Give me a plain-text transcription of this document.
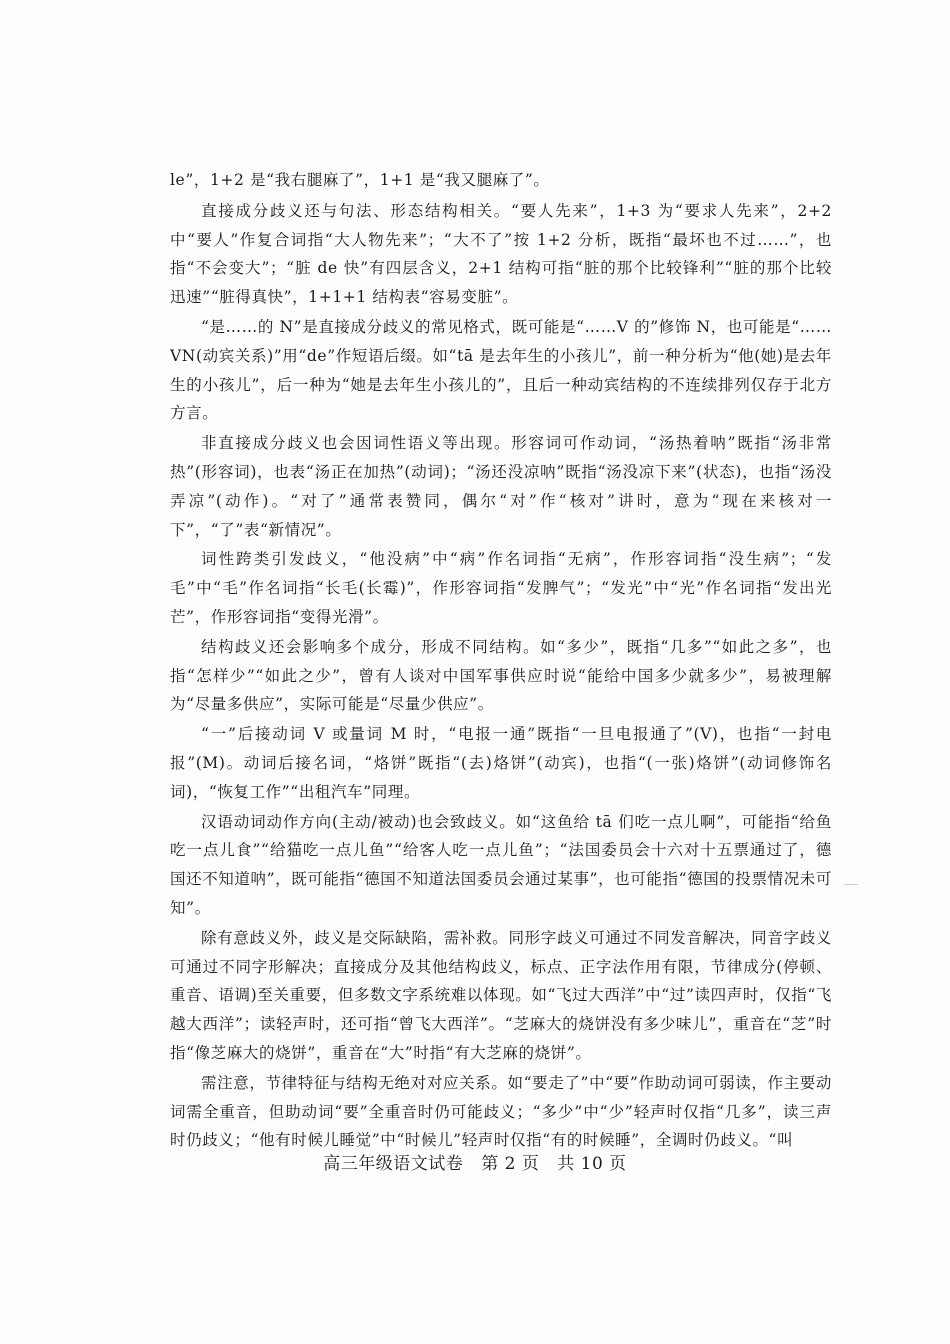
le”，1+2 是“我右腿麻了”，1+1 是“我又腿麻了”。

直接成分歧义还与句法、形态结构相关。“要人先来”，1+3 为“要求人先来”，2+2 中“要人”作复合词指“大人物先来”；“大不了”按 1+2 分析，既指“最坏也不过……”，也指“不会变大”；“脏 de 快”有四层含义，2+1 结构可指“脏的那个比较锋利”“脏的那个比较迅速”“脏得真快”，1+1+1 结构表“容易变脏”。

“是……的 N”是直接成分歧义的常见格式，既可能是“……V 的”修饰 N，也可能是“……VN(动宾关系)”用“de”作短语后缀。如“tā 是去年生的小孩儿”，前一种分析为“他(她)是去年生的小孩儿”，后一种为“她是去年生小孩儿的”，且后一种动宾结构的不连续排列仅存于北方方言。

非直接成分歧义也会因词性语义等出现。形容词可作动词，“汤热着呐”既指“汤非常热”(形容词)，也表“汤正在加热”(动词)；“汤还没凉呐”既指“汤没凉下来”(状态)，也指“汤没弄凉”(动作)。“对了”通常表赞同，偶尔“对”作“核对”讲时，意为“现在来核对一下”，“了”表“新情况”。

词性跨类引发歧义，“他没病”中“病”作名词指“无病”，作形容词指“没生病”；“发毛”中“毛”作名词指“长毛(长霉)”，作形容词指“发脾气”；“发光”中“光”作名词指“发出光芒”，作形容词指“变得光滑”。

结构歧义还会影响多个成分，形成不同结构。如“多少”，既指“几多”“如此之多”，也指“怎样少”“如此之少”，曾有人谈对中国军事供应时说“能给中国多少就多少”，易被理解为“尽量多供应”，实际可能是“尽量少供应”。

“一”后接动词 V 或量词 M 时，“电报一通”既指“一旦电报通了”(V)，也指“一封电报”(M)。动词后接名词，“烙饼”既指“(去)烙饼”(动宾)，也指“(一张)烙饼”(动词修饰名词)，“恢复工作”“出租汽车”同理。

汉语动词动作方向(主动/被动)也会致歧义。如“这鱼给 tā 们吃一点儿啊”，可能指“给鱼吃一点儿食”“给猫吃一点儿鱼”“给客人吃一点儿鱼”；“法国委员会十六对十五票通过了，德国还不知道呐”，既可能指“德国不知道法国委员会通过某事”，也可能指“德国的投票情况未可知”。

除有意歧义外，歧义是交际缺陷，需补救。同形字歧义可通过不同发音解决，同音字歧义可通过不同字形解决；直接成分及其他结构歧义，标点、正字法作用有限，节律成分(停顿、重音、语调)至关重要，但多数文字系统难以体现。如“飞过大西洋”中“过”读四声时，仅指“飞越大西洋”；读轻声时，还可指“曾飞大西洋”。“芝麻大的烧饼没有多少味儿”，重音在“芝”时指“像芝麻大的烧饼”，重音在“大”时指“有大芝麻的烧饼”。

需注意，节律特征与结构无绝对对应关系。如“要走了”中“要”作助动词可弱读，作主要动词需全重音，但助动词“要”全重音时仍可能歧义；“多少”中“少”轻声时仅指“几多”，读三声时仍歧义；“他有时候儿睡觉”中“时候儿”轻声时仅指“有的时候睡”，全调时仍歧义。“叫

高三年级语文试卷 第 2 页 共 10 页
